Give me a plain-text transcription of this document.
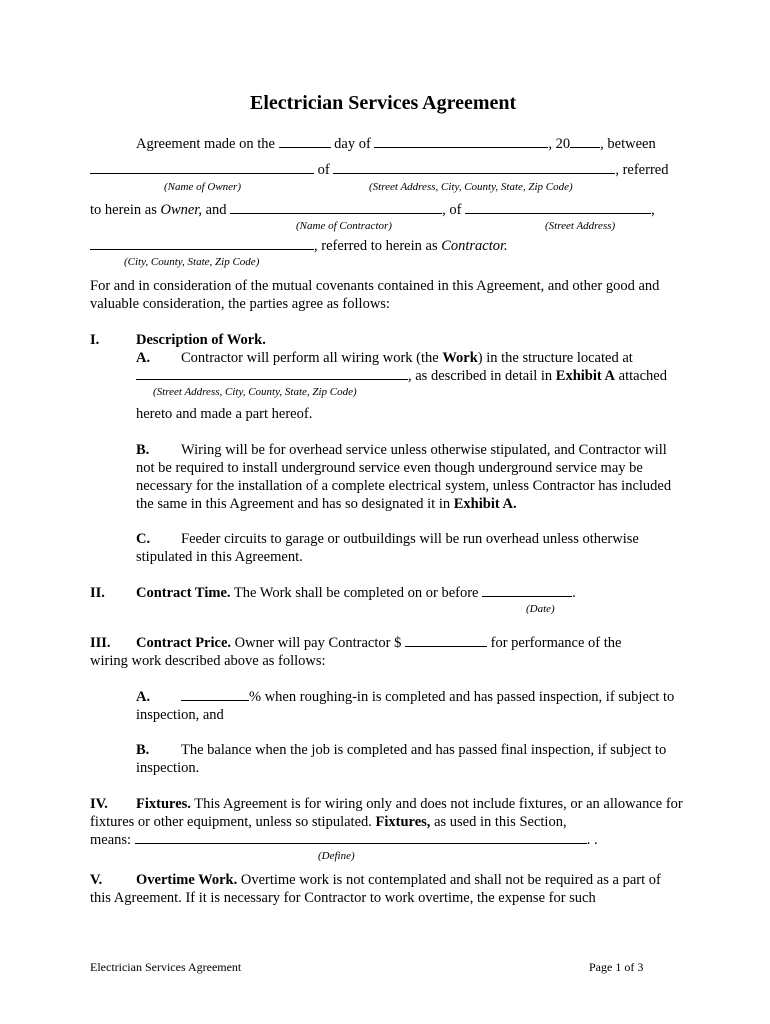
Electrician Services Agreement
Agreement made on the	day of	, 20 , between
of	, referred
(Name of Owner)	(Street Address, City, County, State, Zip Code)
to herein as Owner, and	, of	,
(Name of Contractor)	(Street Address)
, referred to herein as Contractor.
(City, County, State, Zip Code)
For and in consideration of the mutual covenants contained in this Agreement, and other good and valuable consideration, the parties agree as follows:
I.	Description of Work.
A. Contractor will perform all wiring work (the Work) in the structure located at
, as described in detail in Exhibit A attached
(Street Address, City, County, State, Zip Code)
hereto and made a part hereof.
B.	Wiring will be for overhead service unless otherwise stipulated, and Contractor will not be required to install underground service even though underground service may be necessary for the installation of a complete electrical system, unless Contractor has included the same in this Agreement and has so designated it in Exhibit A.
C.	Feeder circuits to garage or outbuildings will be run overhead unless otherwise stipulated in this Agreement.
II. Contract Time. The Work shall be completed on or before	.
(Date)
III. Contract Price. Owner will pay Contractor $	for performance of the
wiring work described above as follows:
A.	% when roughing-in is completed and has passed inspection, if subject to inspection, and
B.	The balance when the job is completed and has passed final inspection, if subject to inspection.
IV.	Fixtures. This Agreement is for wiring only and does not include fixtures, or an allowance for fixtures or other equipment, unless so stipulated. Fixtures, as used in this Section,
means:	. .
(Define)
V.	Overtime Work. Overtime work is not contemplated and shall not be required as a part of this Agreement. If it is necessary for Contractor to work overtime, the expense for such
Electrician Services Agreement	Page 1 of 3
